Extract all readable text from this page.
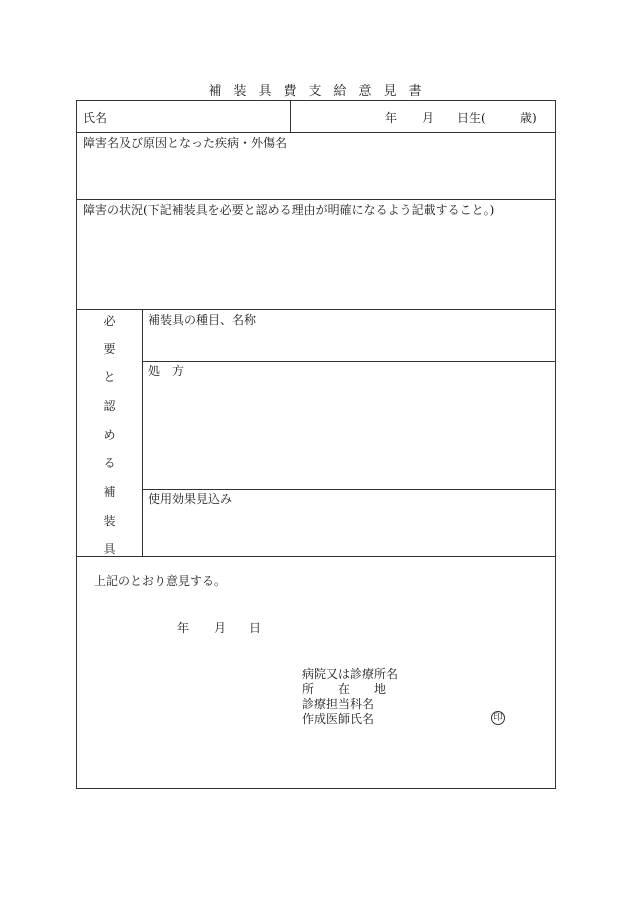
補装具費支給意見書
氏名	年 月 日生(	歳)
障害名及び原因となった疾病・外傷名
障害の状況(下記補装具を必要と認める理由が明確になるよう記載すること。)
必
要
と
認
め
る
補
装
具
補装具の種目、名称
処　方
使用効果見込み
上記のとおり意見する。
年 月 日
病院又は診療所名
所　　在　　地
診療担当科名
作成医師氏名	印
